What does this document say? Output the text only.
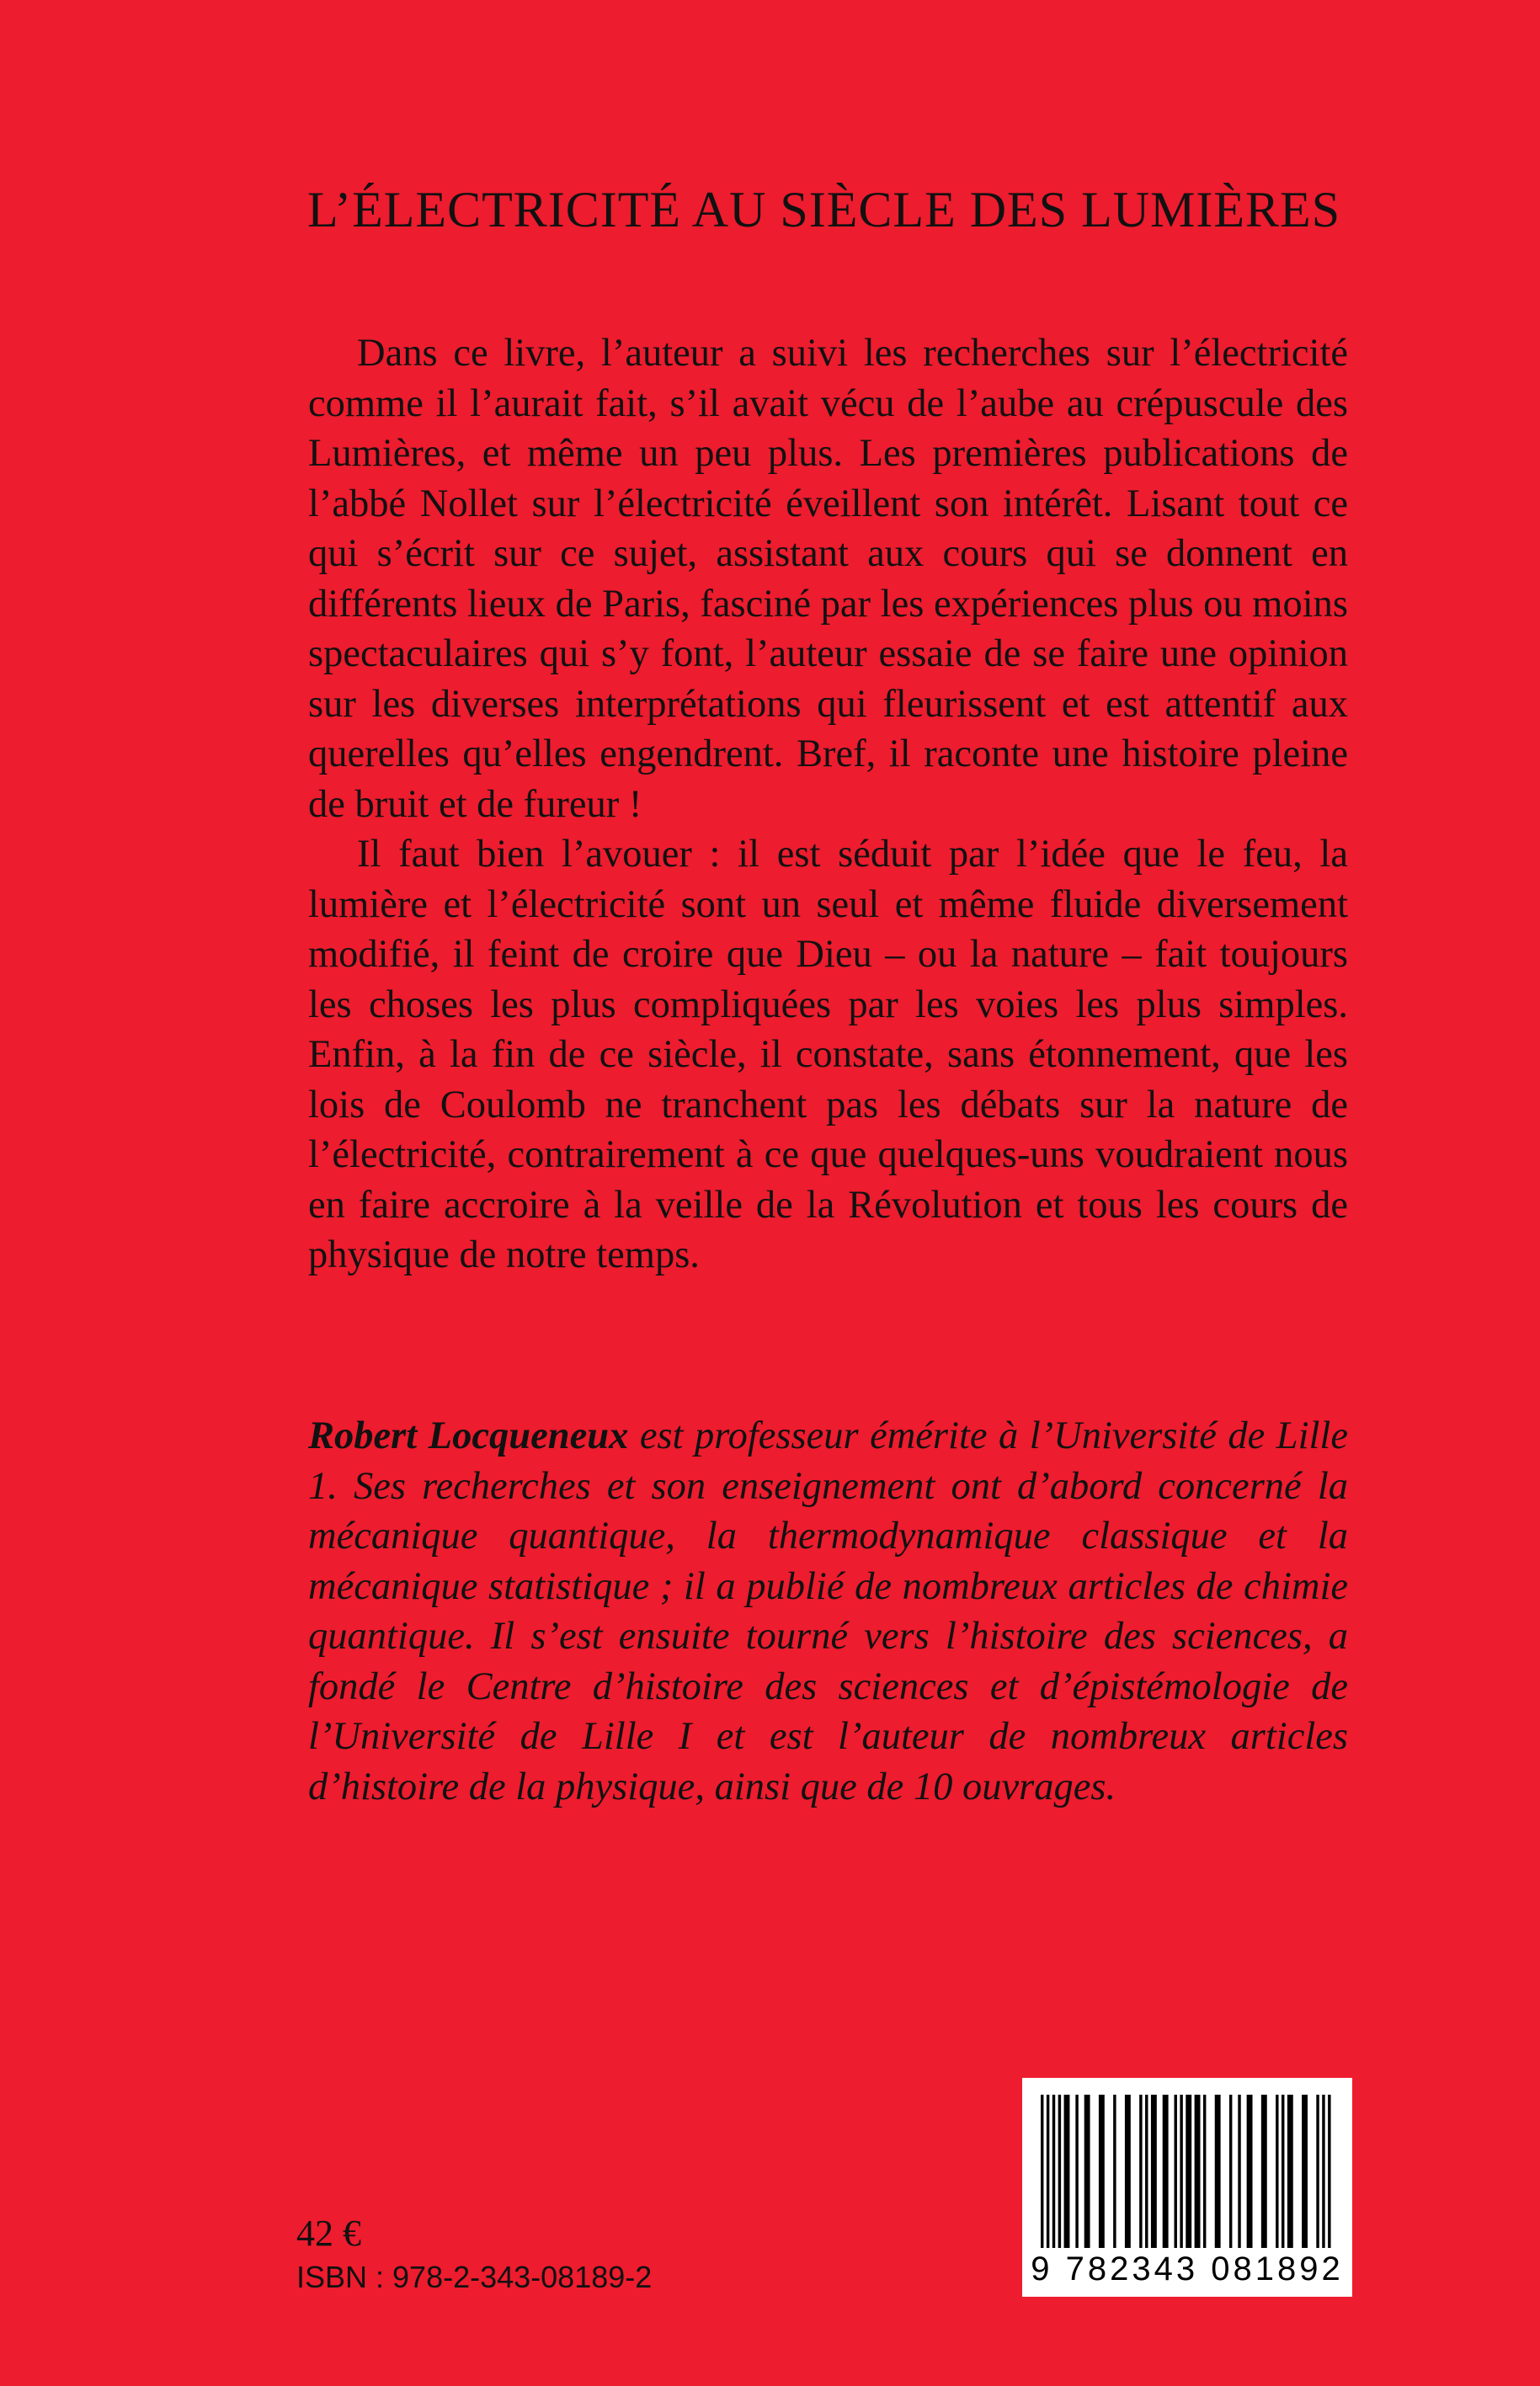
L’ÉLECTRICITÉ AU SIÈCLE DES LUMIÈRES

Dans ce livre, l’auteur a suivi les recherches sur l’électricité comme il l’aurait fait, s’il avait vécu de l’aube au crépuscule des Lumières, et même un peu plus. Les premières publications de l’abbé Nollet sur l’électricité éveillent son intérêt. Lisant tout ce qui s’écrit sur ce sujet, assistant aux cours qui se donnent en différents lieux de Paris, fasciné par les expériences plus ou moins spectaculaires qui s’y font, l’auteur essaie de se faire une opinion sur les diverses interprétations qui fleurissent et est attentif aux querelles qu’elles engendrent. Bref, il raconte une histoire pleine de bruit et de fureur !

Il faut bien l’avouer : il est séduit par l’idée que le feu, la lumière et l’électricité sont un seul et même fluide diversement modifié, il feint de croire que Dieu – ou la nature – fait toujours les choses les plus compliquées par les voies les plus simples. Enfin, à la fin de ce siècle, il constate, sans étonnement, que les lois de Coulomb ne tranchent pas les débats sur la nature de l’électricité, contrairement à ce que quelques-uns voudraient nous en faire accroire à la veille de la Révolution et tous les cours de physique de notre temps.

Robert Locqueneux est professeur émérite à l’Université de Lille 1. Ses recherches et son enseignement ont d’abord concerné la mécanique quantique, la thermodynamique classique et la mécanique statistique ; il a publié de nombreux articles de chimie quantique. Il s’est ensuite tourné vers l’histoire des sciences, a fondé le Centre d’histoire des sciences et d’épistémologie de l’Université de Lille I et est l’auteur de nombreux articles d’histoire de la physique, ainsi que de 10 ouvrages.

42 €
ISBN : 978-2-343-08189-2	9 782343 081892
